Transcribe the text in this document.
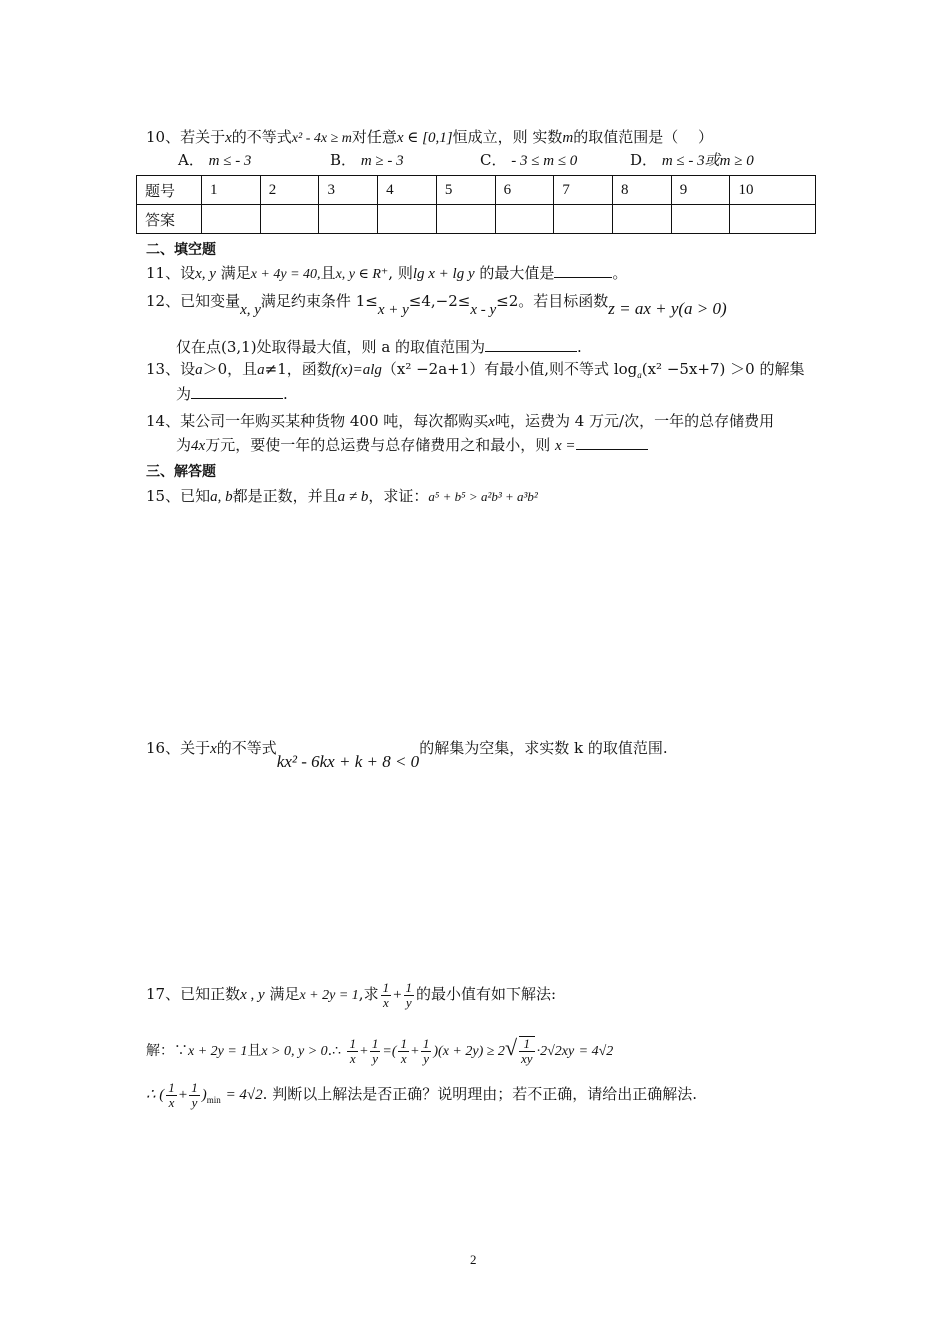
10、若关于x的不等式x² - 4x ≥ m对任意x ∈ [0,1]恒成立，则 实数m的取值范围是（　 ）
A． m ≤ - 3	B． m ≥ - 3	C． - 3 ≤ m ≤ 0	D． m ≤ - 3或m ≥ 0
题号	1	2	3	4	5	6	7	8	9	10
答案										
二、填空题
11、设x, y 满足x + 4y = 40,且x, y ∈ R⁺, 则lg x + lg y 的最大值是	。
12、已知变量x, y满足约束条件 1≤x + y≤4,−2≤x - y≤2。若目标函数z = ax + y(a > 0)
仅在点(3,1)处取得最大值，则 a 的取值范围为	.
13、设a＞0，且a≠1，函数f(x)=alg（x² −2a+1）有最小值,则不等式 $\log_a(x^2 -5x+7) >0$ 的解集
为	.
14、某公司一年购买某种货物 400 吨，每次都购买x吨，运费为 4 万元/次，一年的总存储费用
为4x万元，要使一年的总运费与总存储费用之和最小，则 x =
三、解答题
15、已知a, b都是正数，并且a ≠ b，求证：a⁵ + b⁵ > a²b³ + a³b²
16、关于x的不等式kx² - 6kx + k + 8 < 0的解集为空集，求实数 k 的取值范围.
17、已知正数x , y 满足x + 2y = 1,求 $\frac{1}{x} + \frac{1}{y}$ 的最小值有如下解法:
解：∵x + 2y = 1且x > 0, y > 0.∴ $\frac{1}{x} + \frac{1}{y}$ =( $\frac{1}{x} + \frac{1}{y} )(x + 2y) \ge 2√ \frac{1}{xy} \cdot 2√2xy = 4√2$
∴ ( $\frac{1}{x} + \frac{1}{y} )_{min} = 4√2$. 判断以上解法是否正确？说明理由；若不正确，请给出正确解法.
2
